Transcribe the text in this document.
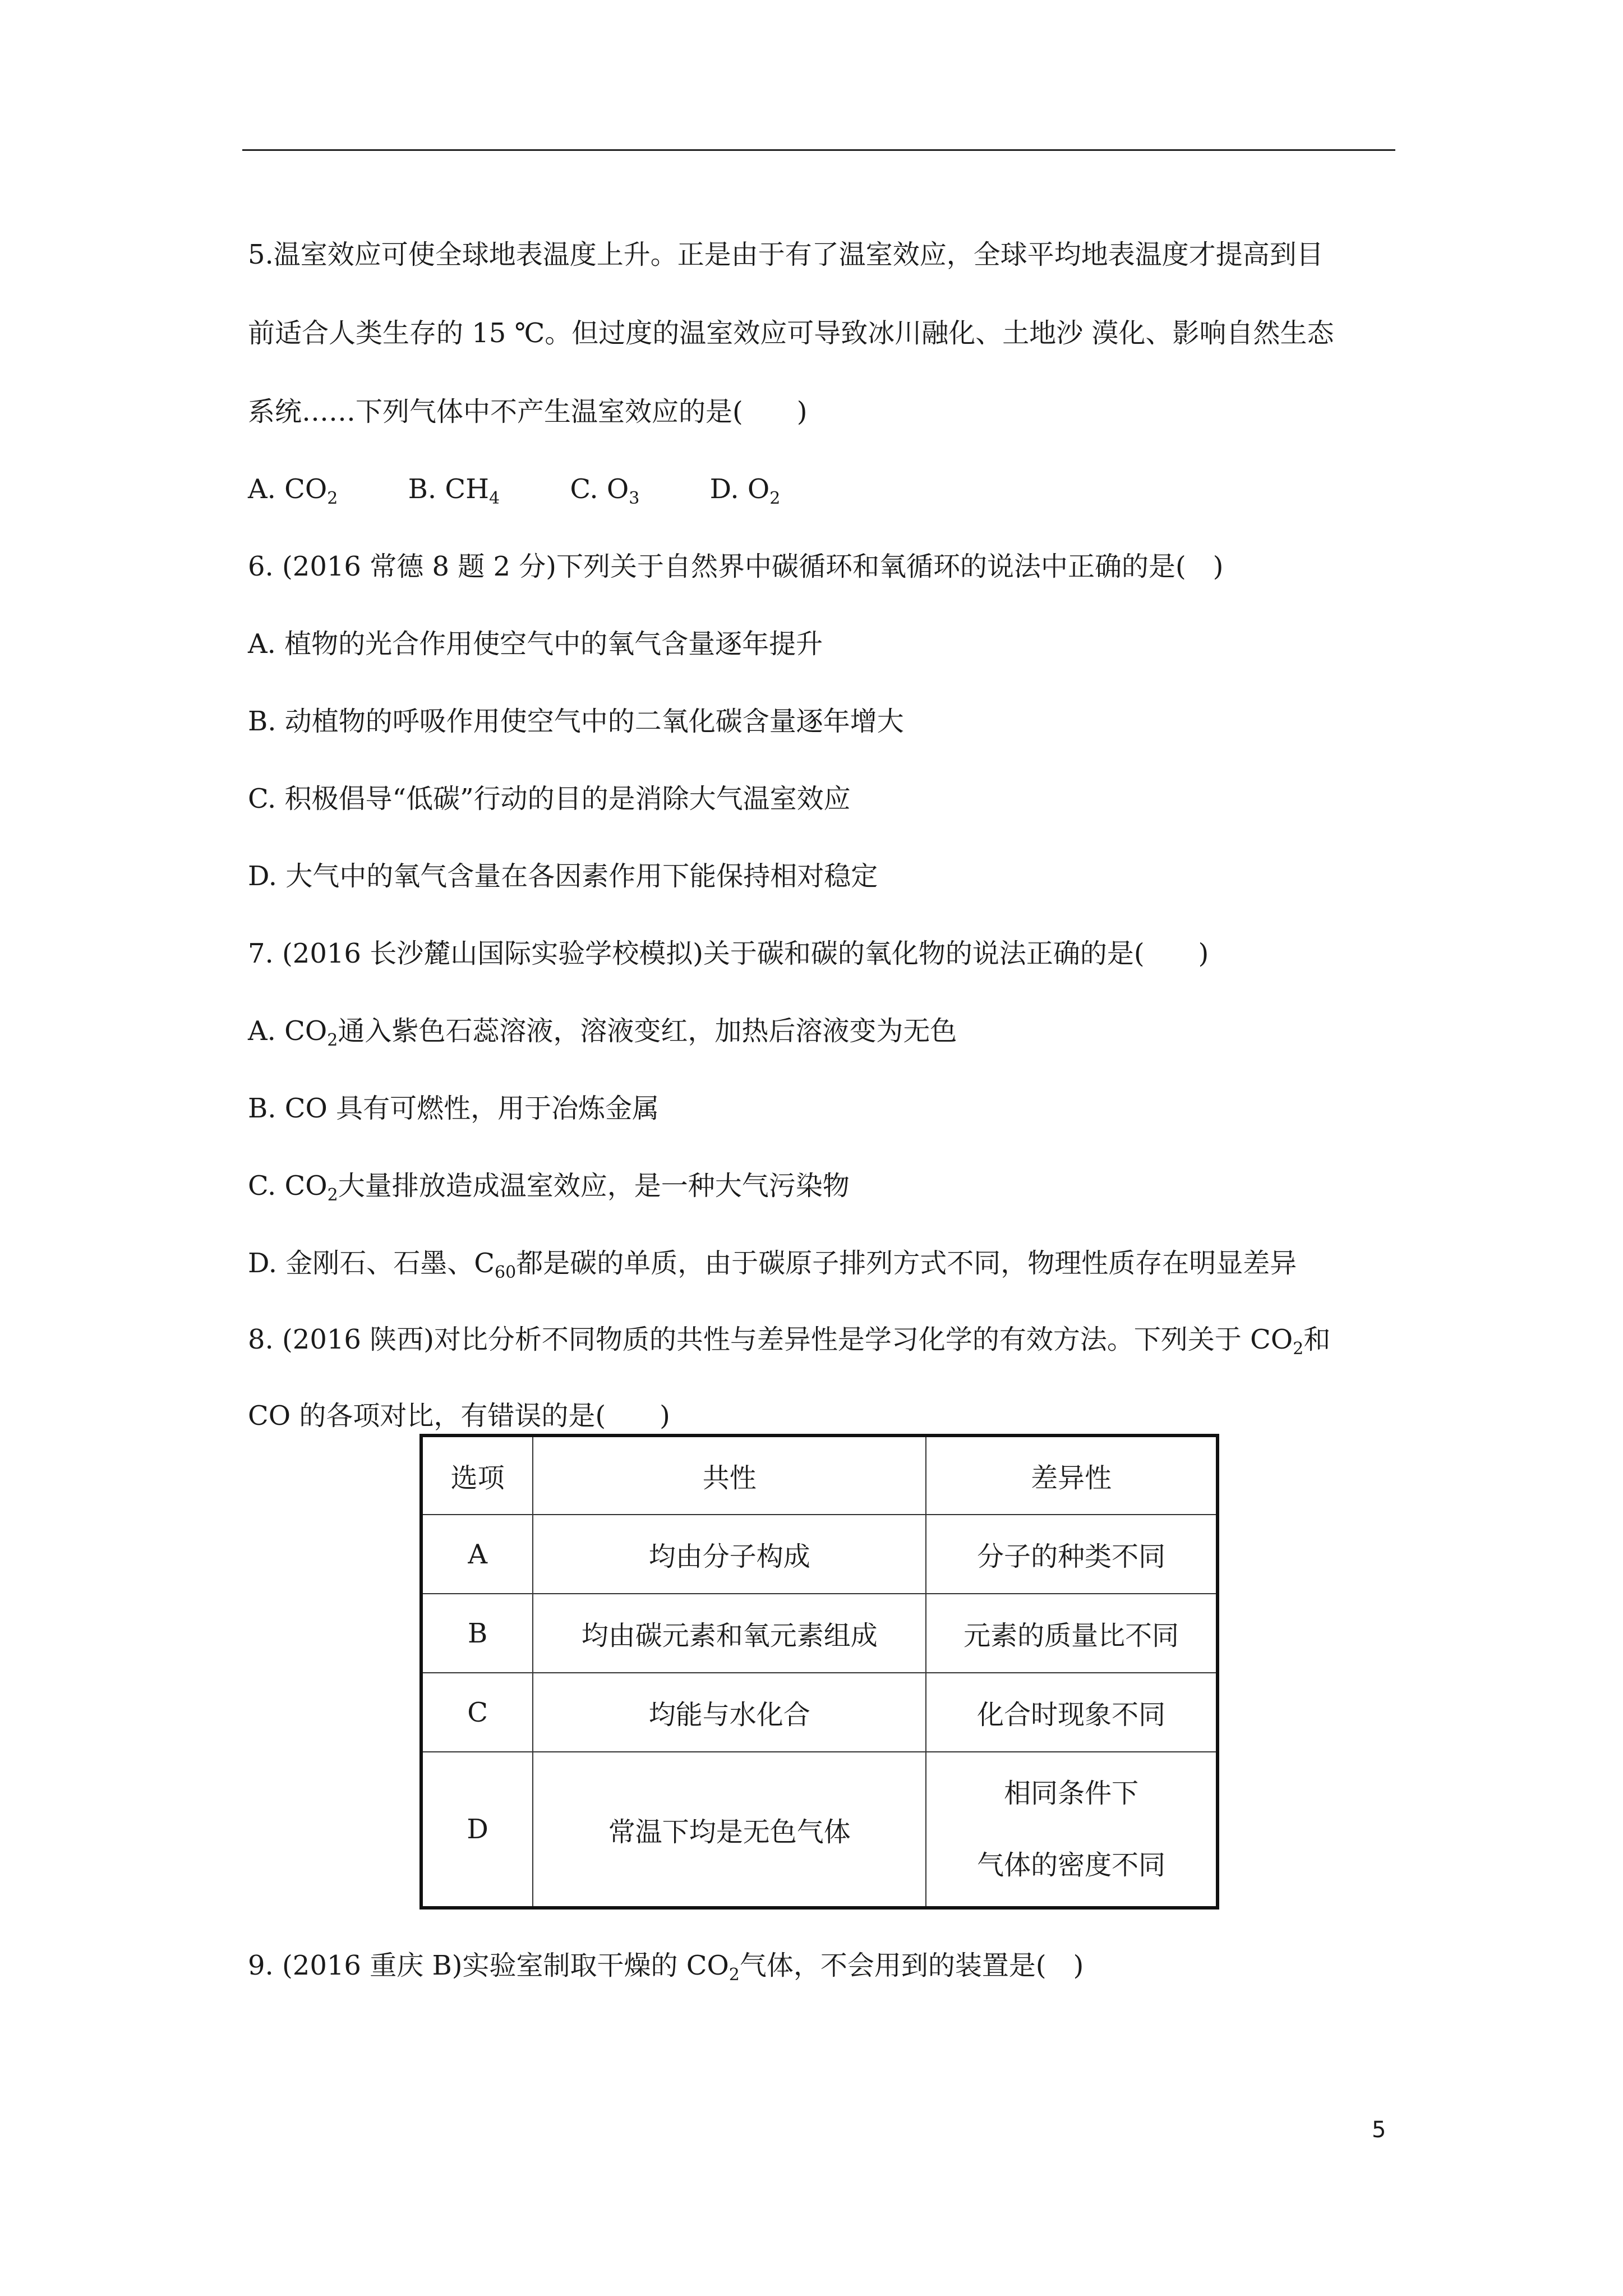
5.温室效应可使全球地表温度上升。正是由于有了温室效应，全球平均地表温度才提高到目
前适合人类生存的 15 ℃。但过度的温室效应可导致冰川融化、土地沙 漠化、影响自然生态
系统……下列气体中不产生温室效应的是(　　)
A. $CO_2$	B. $CH_4$	C. $O_3$	D. $O_2$
6. (2016 常德 8 题 2 分)下列关于自然界中碳循环和氧循环的说法中正确的是(　)
A. 植物的光合作用使空气中的氧气含量逐年提升
B. 动植物的呼吸作用使空气中的二氧化碳含量逐年增大
C. 积极倡导“低碳”行动的目的是消除大气温室效应
D. 大气中的氧气含量在各因素作用下能保持相对稳定
7. (2016 长沙麓山国际实验学校模拟)关于碳和碳的氧化物的说法正确的是(　　)
A. $CO_2$通入紫色石蕊溶液，溶液变红，加热后溶液变为无色
B. CO 具有可燃性，用于冶炼金属
C. $CO_2$大量排放造成温室效应，是一种大气污染物
D. 金刚石、石墨、$C_{60}$都是碳的单质，由于碳原子排列方式不同，物理性质存在明显差异
8. (2016 陕西)对比分析不同物质的共性与差异性是学习化学的有效方法。下列关于 $CO_2$和
CO 的各项对比，有错误的是(　　)
选项	共性	差异性
A	均由分子构成	分子的种类不同
B	均由碳元素和氧元素组成	元素的质量比不同
C	均能与水化合	化合时现象不同
D	常温下均是无色气体	相同条件下
气体的密度不同
9. (2016 重庆 B)实验室制取干燥的 $CO_2$气体，不会用到的装置是(　)
5
